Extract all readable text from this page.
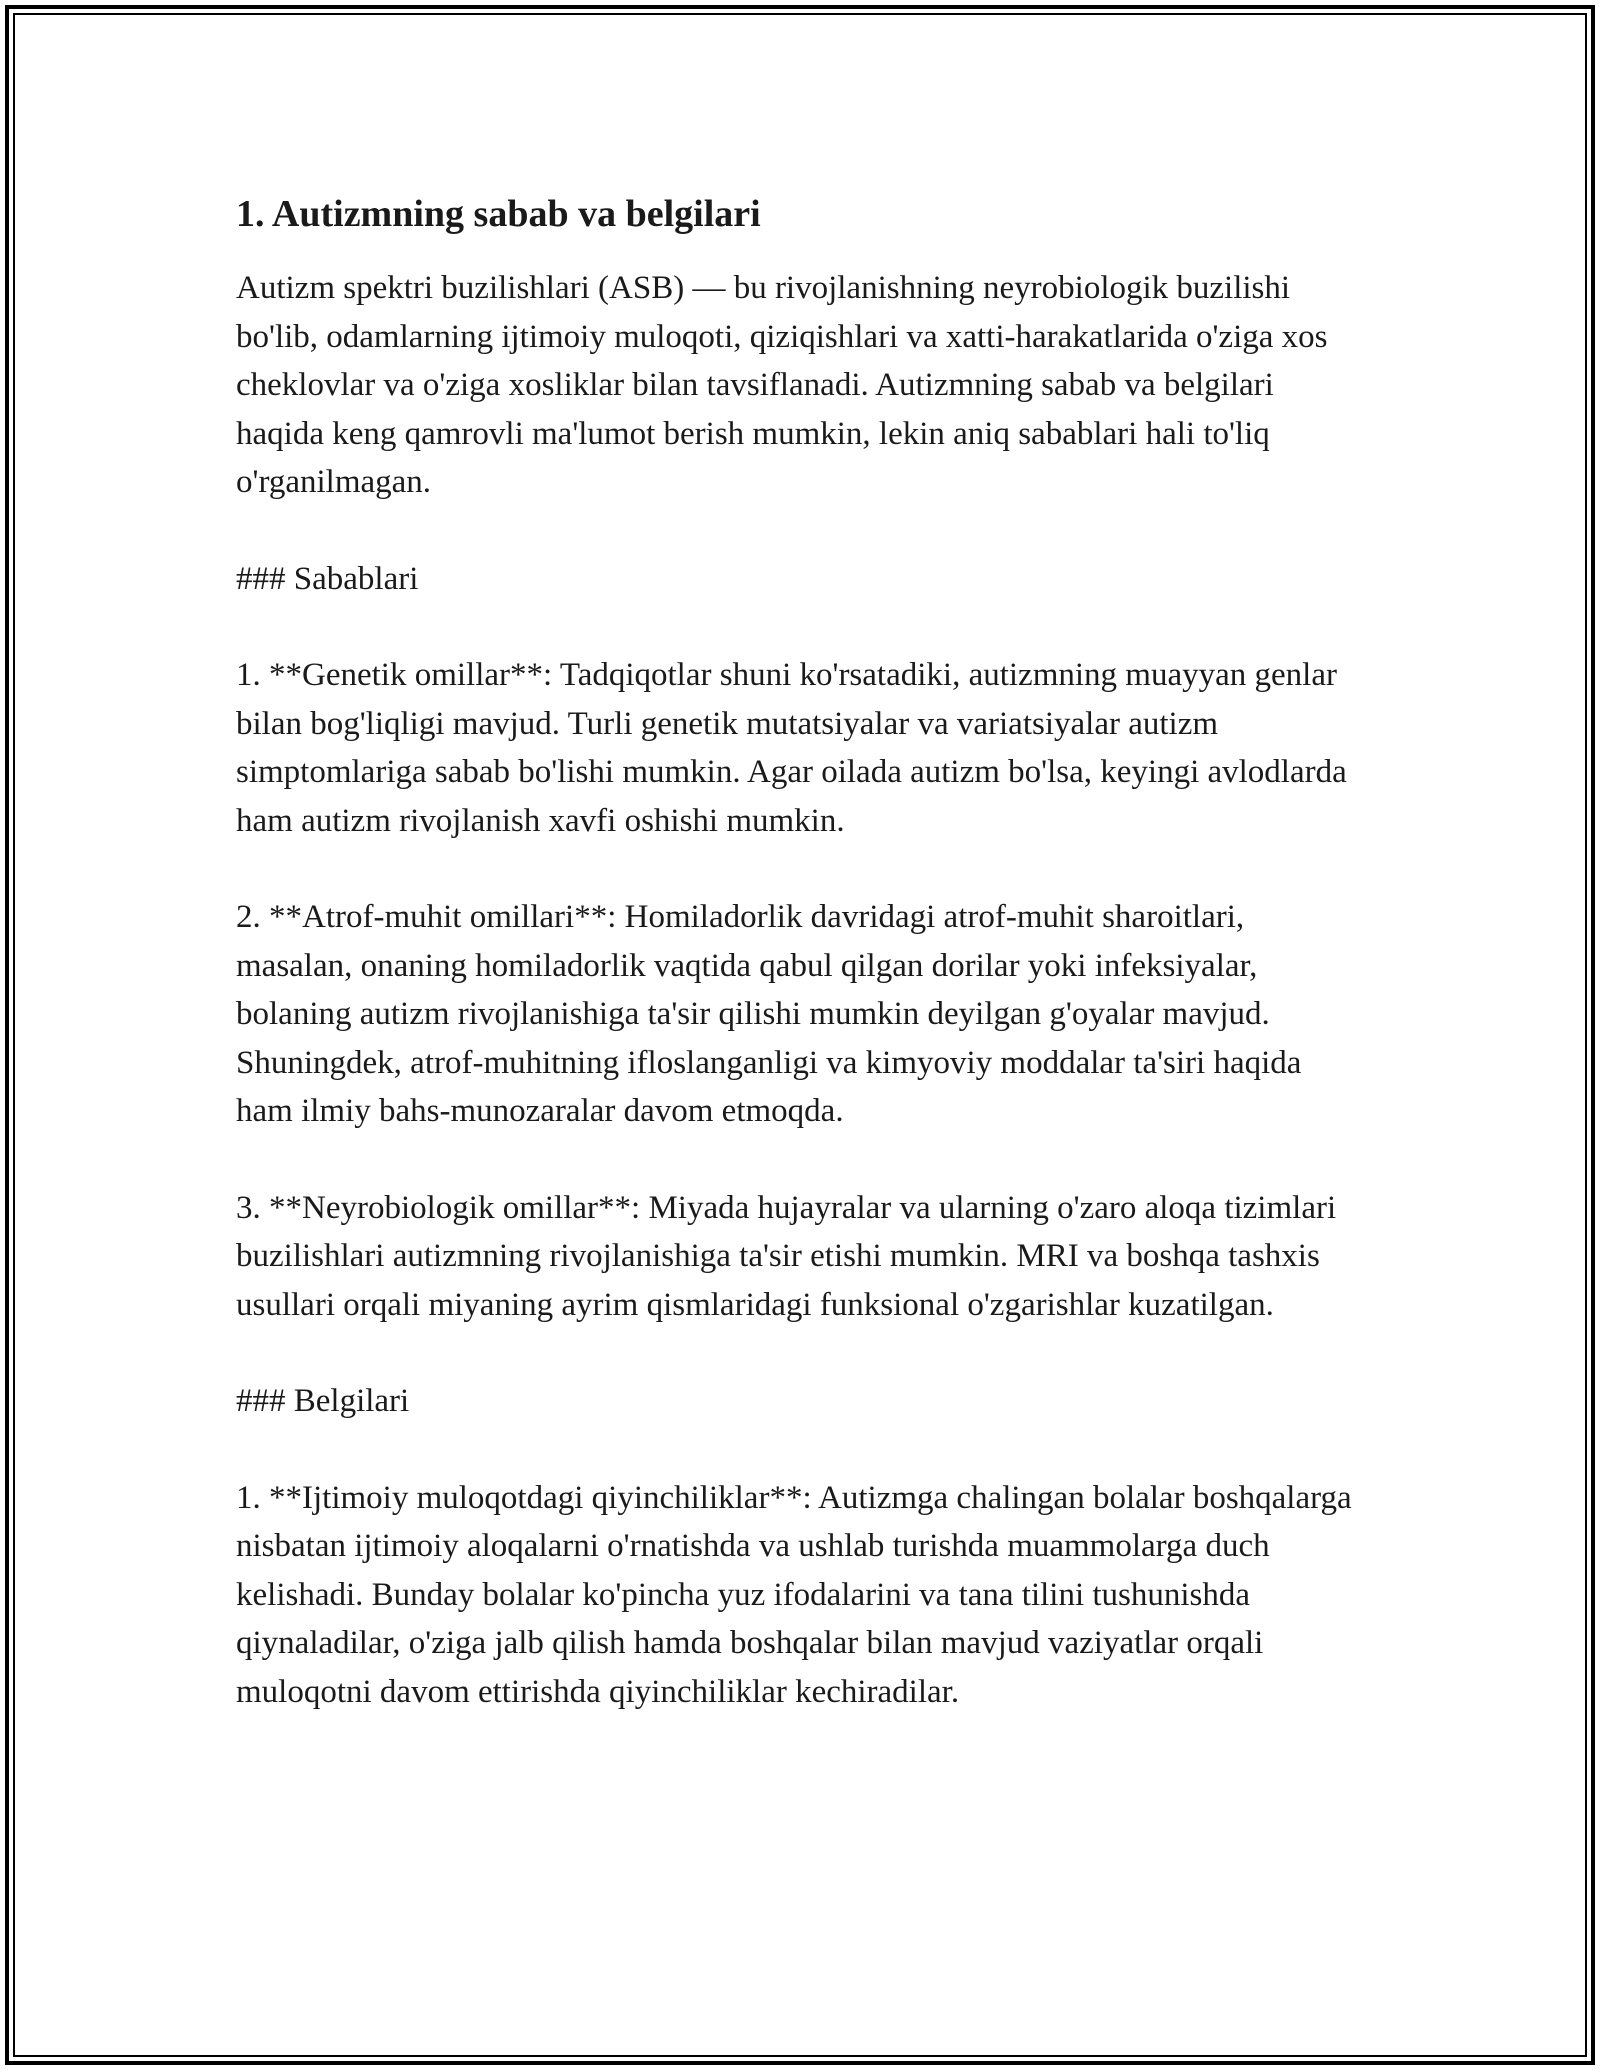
1. Autizmning sabab va belgilari

Autizm spektri buzilishlari (ASB) — bu rivojlanishning neyrobiologik buzilishi bo'lib, odamlarning ijtimoiy muloqoti, qiziqishlari va xatti-harakatlarida o'ziga xos cheklovlar va o'ziga xosliklar bilan tavsiflanadi. Autizmning sabab va belgilari haqida keng qamrovli ma'lumot berish mumkin, lekin aniq sabablari hali to'liq o'rganilmagan.

### Sabablari

1. **Genetik omillar**: Tadqiqotlar shuni ko'rsatadiki, autizmning muayyan genlar bilan bog'liqligi mavjud. Turli genetik mutatsiyalar va variatsiyalar autizm simptomlariga sabab bo'lishi mumkin. Agar oilada autizm bo'lsa, keyingi avlodlarda ham autizm rivojlanish xavfi oshishi mumkin.

2. **Atrof-muhit omillari**: Homiladorlik davridagi atrof-muhit sharoitlari, masalan, onaning homiladorlik vaqtida qabul qilgan dorilar yoki infeksiyalar, bolaning autizm rivojlanishiga ta'sir qilishi mumkin deyilgan g'oyalar mavjud. Shuningdek, atrof-muhitning ifloslanganligi va kimyoviy moddalar ta'siri haqida ham ilmiy bahs-munozaralar davom etmoqda.

3. **Neyrobiologik omillar**: Miyada hujayralar va ularning o'zaro aloqa tizimlari buzilishlari autizmning rivojlanishiga ta'sir etishi mumkin. MRI va boshqa tashxis usullari orqali miyaning ayrim qismlaridagi funksional o'zgarishlar kuzatilgan.

### Belgilari

1. **Ijtimoiy muloqotdagi qiyinchiliklar**: Autizmga chalingan bolalar boshqalarga nisbatan ijtimoiy aloqalarni o'rnatishda va ushlab turishda muammolarga duch kelishadi. Bunday bolalar ko'pincha yuz ifodalarini va tana tilini tushunishda qiynaladilar, o'ziga jalb qilish hamda boshqalar bilan mavjud vaziyatlar orqali muloqotni davom ettirishda qiyinchiliklar kechiradilar.
